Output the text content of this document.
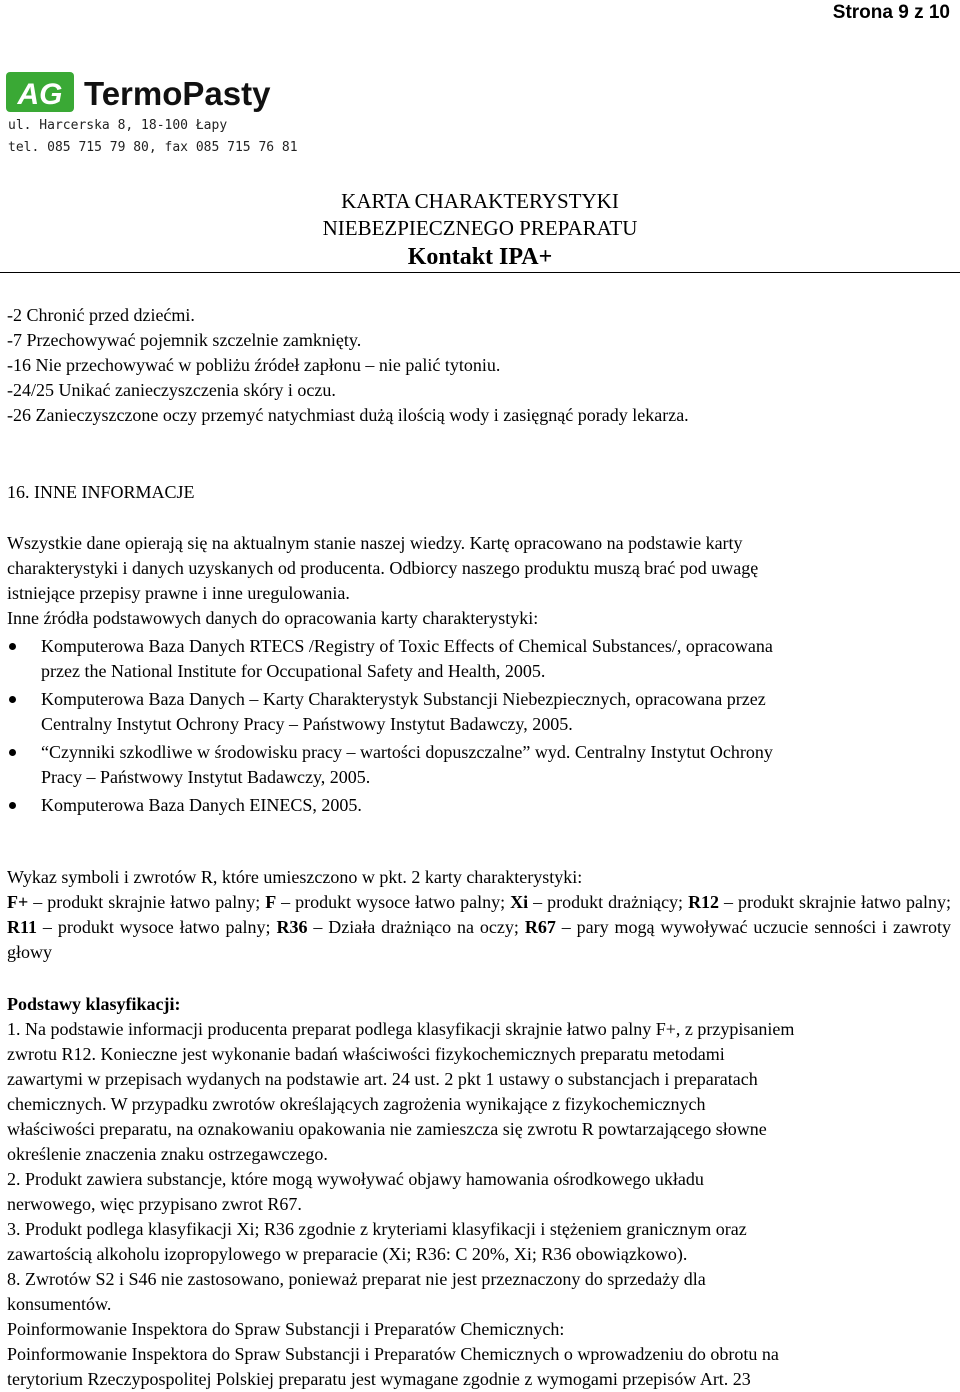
Strona 9 z 10
AG TermoPasty
ul. Harcerska 8, 18-100 Łapy
tel. 085 715 79 80, fax 085 715 76 81
KARTA CHARAKTERYSTYKI
NIEBEZPIECZNEGO PREPARATU
Kontakt IPA+
-2 Chronić przed dziećmi.
-7 Przechowywać pojemnik szczelnie zamknięty.
-16 Nie przechowywać w pobliżu źródeł zapłonu – nie palić tytoniu.
-24/25 Unikać zanieczyszczenia skóry i oczu.
-26 Zanieczyszczone oczy przemyć natychmiast dużą ilością wody i zasięgnąć porady lekarza.
16. INNE INFORMACJE
Wszystkie dane opierają się na aktualnym stanie naszej wiedzy. Kartę opracowano na podstawie karty
charakterystyki i danych uzyskanych od producenta. Odbiorcy naszego produktu muszą brać pod uwagę
istniejące przepisy prawne i inne uregulowania.
Inne źródła podstawowych danych do opracowania karty charakterystyki:
Komputerowa Baza Danych RTECS /Registry of Toxic Effects of Chemical Substances/, opracowana
przez the National Institute for Occupational Safety and Health, 2005.
Komputerowa Baza Danych – Karty Charakterystyk Substancji Niebezpiecznych, opracowana przez
Centralny Instytut Ochrony Pracy – Państwowy Instytut Badawczy, 2005.
“Czynniki szkodliwe w środowisku pracy – wartości dopuszczalne” wyd. Centralny Instytut Ochrony
Pracy – Państwowy Instytut Badawczy, 2005.
Komputerowa Baza Danych EINECS, 2005.
Wykaz symboli i zwrotów R, które umieszczono w pkt. 2 karty charakterystyki:
F+ – produkt skrajnie łatwo palny; F – produkt wysoce łatwo palny; Xi – produkt drażniący; R12 – produkt skrajnie łatwo palny; R11 – produkt wysoce łatwo palny; R36 – Działa drażniąco na oczy; R67 – pary mogą wywoływać uczucie senności i zawroty głowy
Podstawy klasyfikacji:
1. Na podstawie informacji producenta preparat podlega klasyfikacji skrajnie łatwo palny F+, z przypisaniem
zwrotu R12. Konieczne jest wykonanie badań właściwości fizykochemicznych preparatu metodami
zawartymi w przepisach wydanych na podstawie art. 24 ust. 2 pkt 1 ustawy o substancjach i preparatach
chemicznych. W przypadku zwrotów określających zagrożenia wynikające z fizykochemicznych
właściwości preparatu, na oznakowaniu opakowania nie zamieszcza się zwrotu R powtarzającego słowne
określenie znaczenia znaku ostrzegawczego.
2. Produkt zawiera substancje, które mogą wywoływać objawy hamowania ośrodkowego układu
nerwowego, więc przypisano zwrot R67.
3. Produkt podlega klasyfikacji Xi; R36 zgodnie z kryteriami klasyfikacji i stężeniem granicznym oraz
zawartością alkoholu izopropylowego w preparacie (Xi; R36: C 20%, Xi; R36 obowiązkowo).
8. Zwrotów S2 i S46 nie zastosowano, ponieważ preparat nie jest przeznaczony do sprzedaży dla
konsumentów.
Poinformowanie Inspektora do Spraw Substancji i Preparatów Chemicznych:
Poinformowanie Inspektora do Spraw Substancji i Preparatów Chemicznych o wprowadzeniu do obrotu na
terytorium Rzeczypospolitej Polskiej preparatu jest wymagane zgodnie z wymogami przepisów Art. 23
